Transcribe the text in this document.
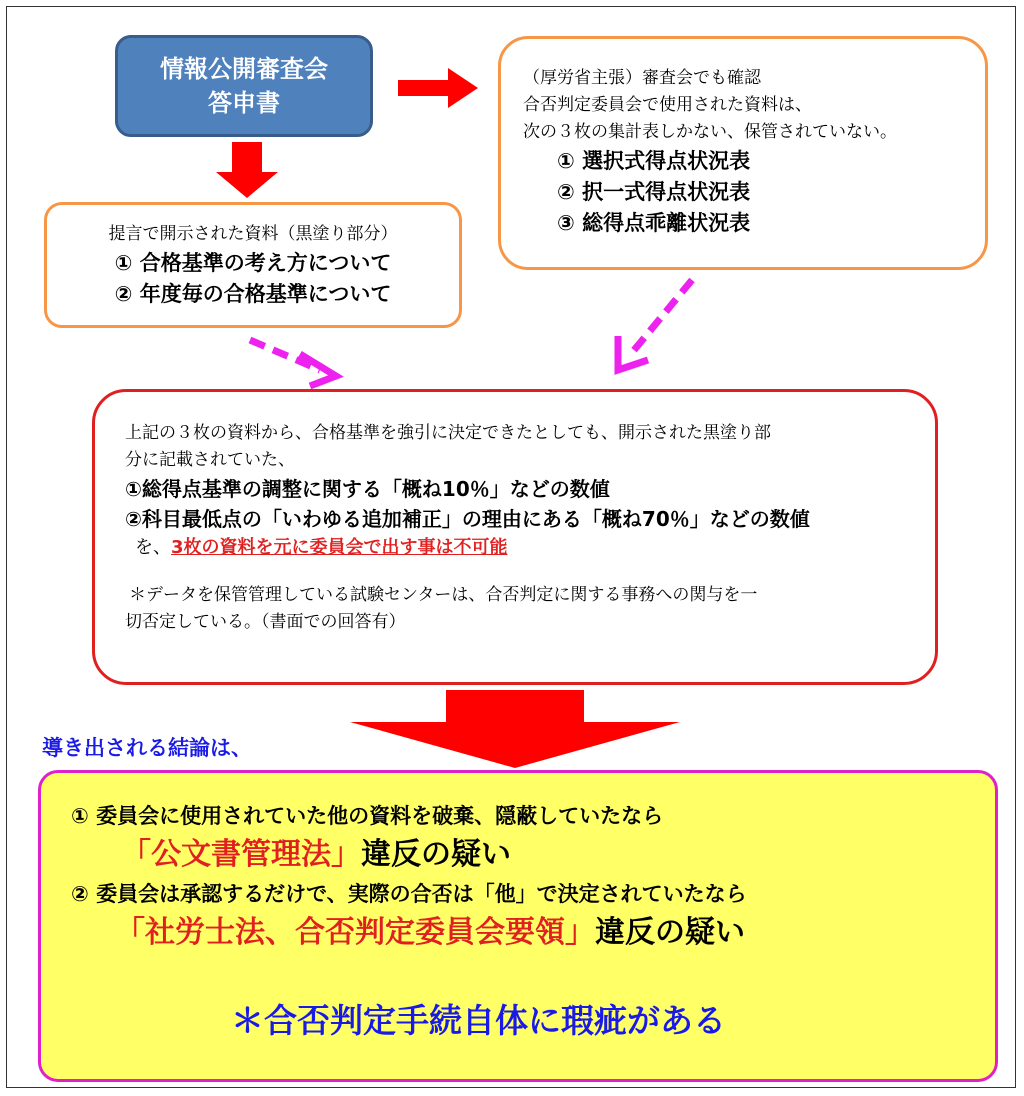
情報公開審査会
答申書
（厚労省主張）審査会でも確認
合否判定委員会で使用された資料は、
次の３枚の集計表しかない、保管されていない。
① 選択式得点状況表
② 択一式得点状況表
③ 総得点乖離状況表
提言で開示された資料（黒塗り部分）
① 合格基準の考え方について
② 年度毎の合格基準について
上記の３枚の資料から、合格基準を強引に決定できたとしても、開示された黒塗り部
分に記載されていた、
①総得点基準の調整に関する「概ね10％」などの数値
②科目最低点の「いわゆる追加補正」の理由にある「概ね70％」などの数値
を、3枚の資料を元に委員会で出す事は不可能
＊データを保管管理している試験センターは、合否判定に関する事務への関与を一
切否定している。（書面での回答有）
導き出される結論は、
① 委員会に使用されていた他の資料を破棄、隠蔽していたなら
「公文書管理法」違反の疑い
② 委員会は承認するだけで、実際の合否は「他」で決定されていたなら
「社労士法、合否判定委員会要領」違反の疑い
＊合否判定手続自体に瑕疵がある
